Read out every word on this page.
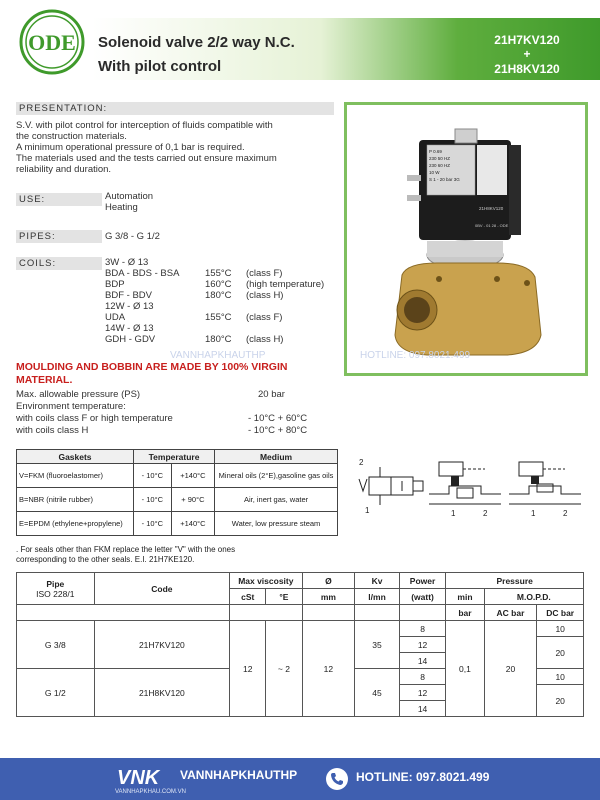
ODE Solenoid valve 2/2 way N.C.
With pilot control
21H7KV120
+
21H8KV120
PRESENTATION:
S.V. with pilot control for interception of fluids compatible with
the construction materials.
A minimum operational pressure of 0,1 bar is required.
The materials used and the tests carried out ensure maximum
reliability and duration.
USE:	Automation
Heating
PIPES:	G 3/8 - G 1/2
COILS:	3W - Ø 13
BDA - BDS - BSA	155°C (class F)
BDP	160°C (high temperature)
BDF - BDV	180°C (class H)
12W - Ø 13
UDA	155°C (class F)
14W - Ø 13
GDH - GDV	180°C (class H)
P 0.69
230 50 HZ
230 60 HZ
10 W
S 1 - 20 bar 3G
21H8KV120
0BV - 01 28 - ODE
VANNHAPKHAUTHP	HOTLINE: 097.8021.499
MOULDING AND BOBBIN ARE MADE BY 100% VIRGIN
MATERIAL.
Max. allowable pressure (PS)	20 bar
Environment temperature:
with coils class F or high temperature	- 10°C + 60°C
with coils class H	- 10°C + 80°C
Gaskets	Temperature		Medium
V=FKM (fluoroelastomer)	- 10°C	+140°C	Mineral oils (2°E),gasoline gas oils
B=NBR (nitrile rubber)	- 10°C	+ 90°C	Air, inert gas, water
E=EPDM (ethylene+propylene)	- 10°C	+140°C	Water, low pressure steam
2
1	1	2	1	2
. For seals other than FKM replace the letter "V" with the ones
corresponding to the other seals. E.I. 21H7KE120.
Pipe
ISO 228/1	Code	Max viscosity		Ø	Kv	Power	Pressure		
		cSt	°E	mm	l/mn	(watt)	min	M.O.P.D.	
							bar	AC bar	DC bar
G 3/8	21H7KV120	12	~ 2	12	35	8	0,1	20	10
						12			20
						14			
G 1/2	21H8KV120				45	8			10
						12			20
						14			
VNK VANNHAPKHAUTHP
VANNHAPKHAU.COM.VN
HOTLINE: 097.8021.499
